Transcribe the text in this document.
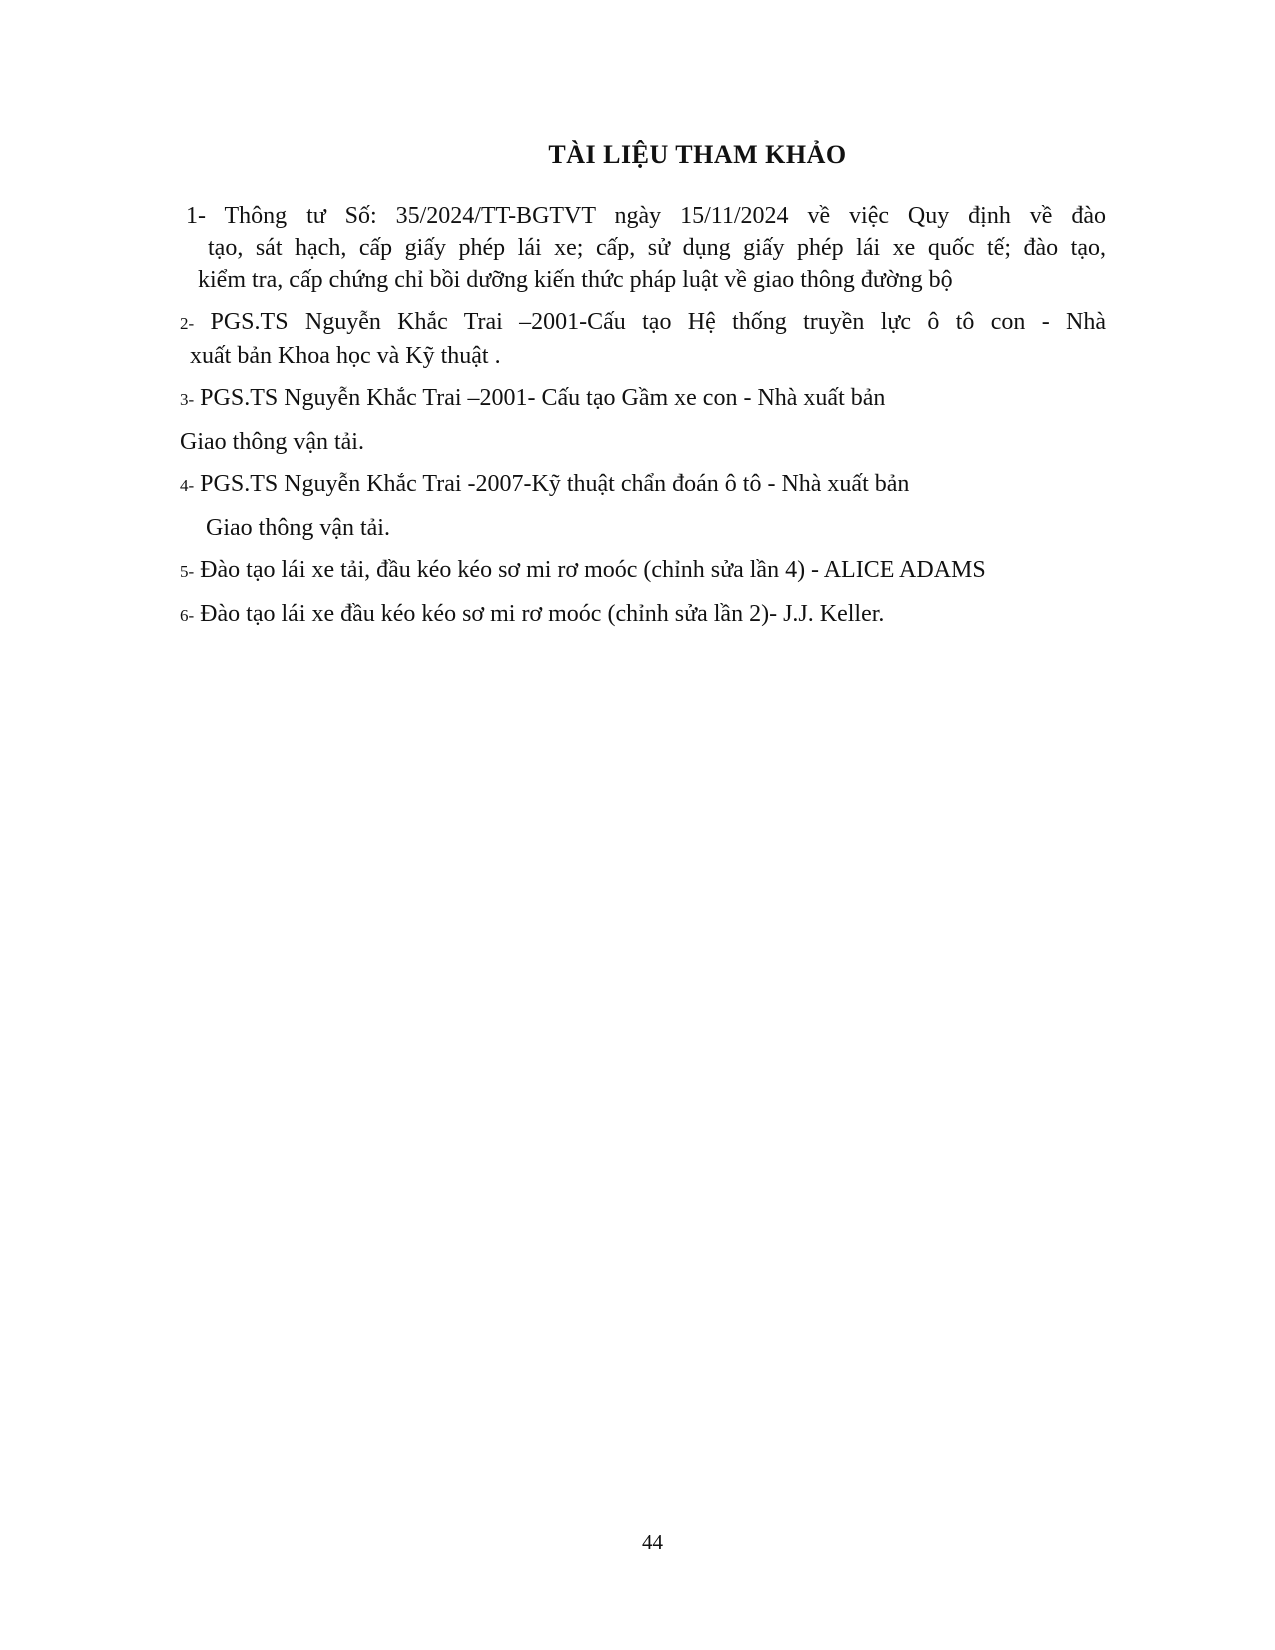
TÀI LIỆU THAM KHẢO
1- Thông tư Số: 35/2024/TT-BGTVT ngày 15/11/2024 về việc Quy định về đào
tạo, sát hạch, cấp giấy phép lái xe; cấp, sử dụng giấy phép lái xe quốc tế; đào tạo,
kiểm tra, cấp chứng chỉ bồi dưỡng kiến thức pháp luật về giao thông đường bộ
2- PGS.TS Nguyễn Khắc Trai –2001-Cấu tạo Hệ thống truyền lực ô tô con - Nhà
xuất bản Khoa học và Kỹ thuật .
3- PGS.TS Nguyễn Khắc Trai –2001- Cấu tạo Gầm xe con - Nhà xuất bản
Giao thông vận tải.
4- PGS.TS Nguyễn Khắc Trai -2007-Kỹ thuật chẩn đoán ô tô - Nhà xuất bản
Giao thông vận tải.
5- Đào tạo lái xe tải, đầu kéo kéo sơ mi rơ moóc (chỉnh sửa lần 4) - ALICE ADAMS
6- Đào tạo lái xe đầu kéo kéo sơ mi rơ moóc (chỉnh sửa lần 2)- J.J. Keller.
44
